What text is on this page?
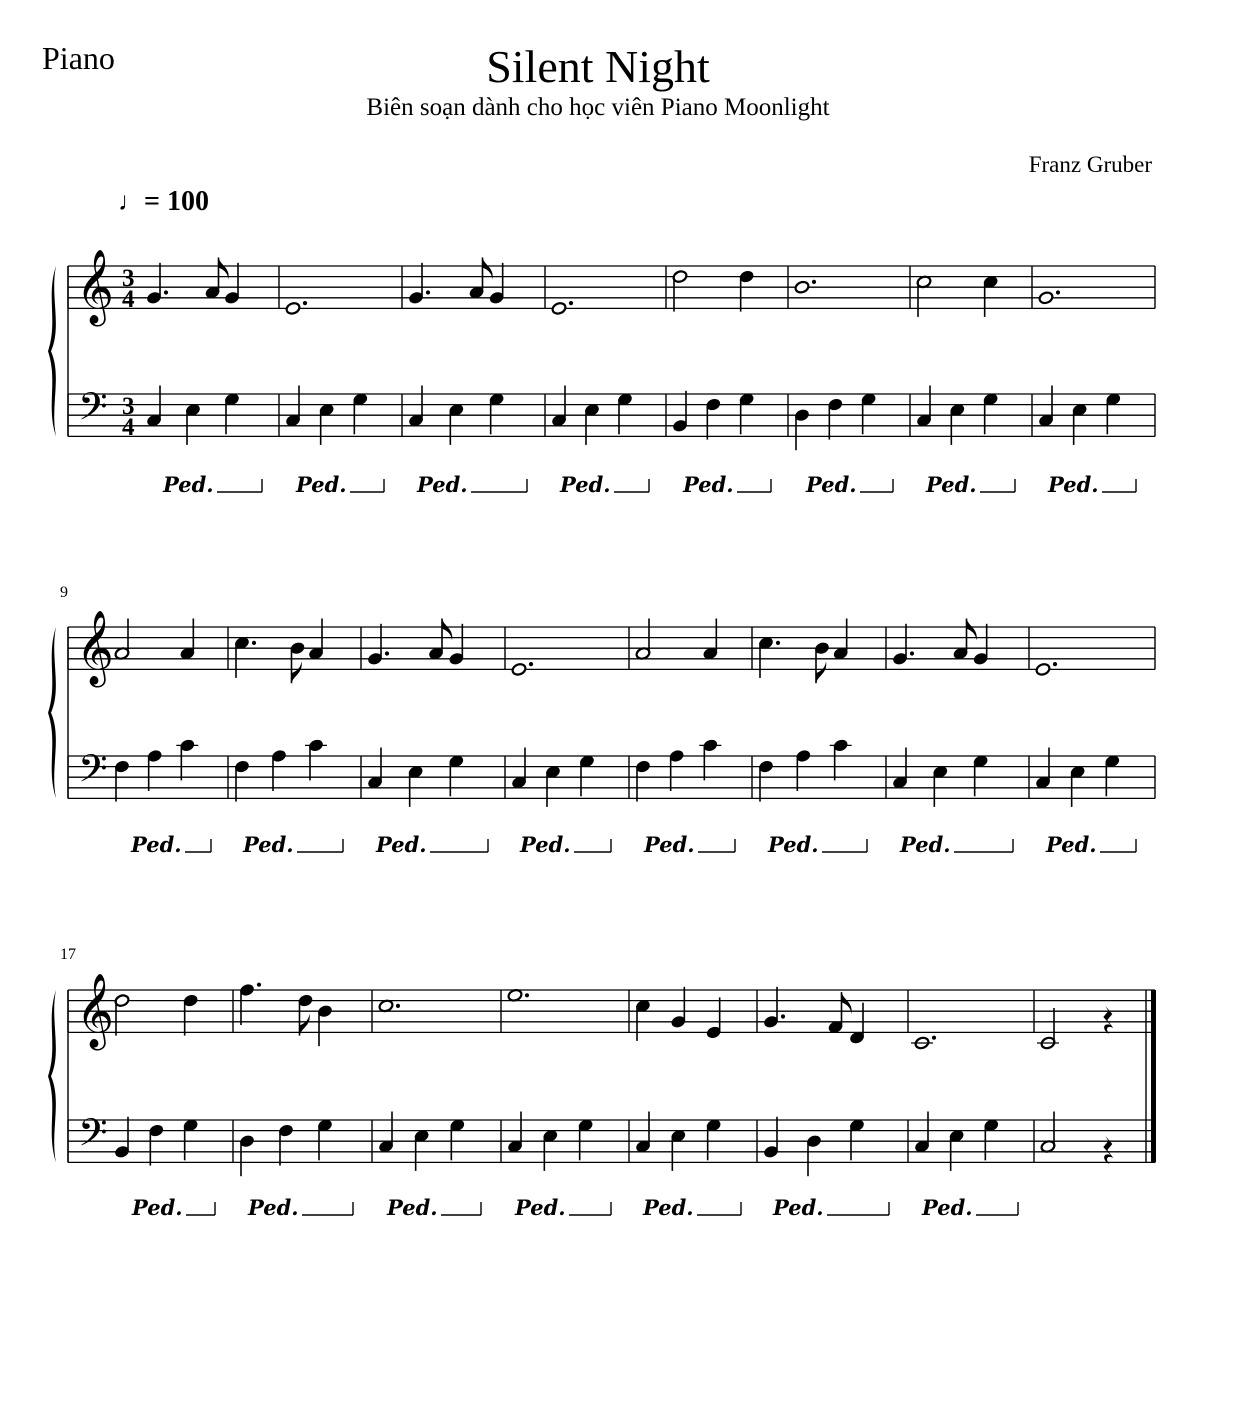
Piano	Silent Night
Biên soạn dành cho học viên Piano Moonlight
Franz Gruber
♩= 100
𝄞
𝄢
3
4
3
4
Ped.	Ped.	Ped.	Ped.	Ped.	Ped.	Ped.	Ped.
𝄞
𝄢
9
Ped.	Ped.	Ped.	Ped.	Ped.	Ped.	Ped.	Ped.
𝄞
𝄢
17
Ped.	Ped.	Ped.	Ped.	Ped.	Ped.	Ped.
